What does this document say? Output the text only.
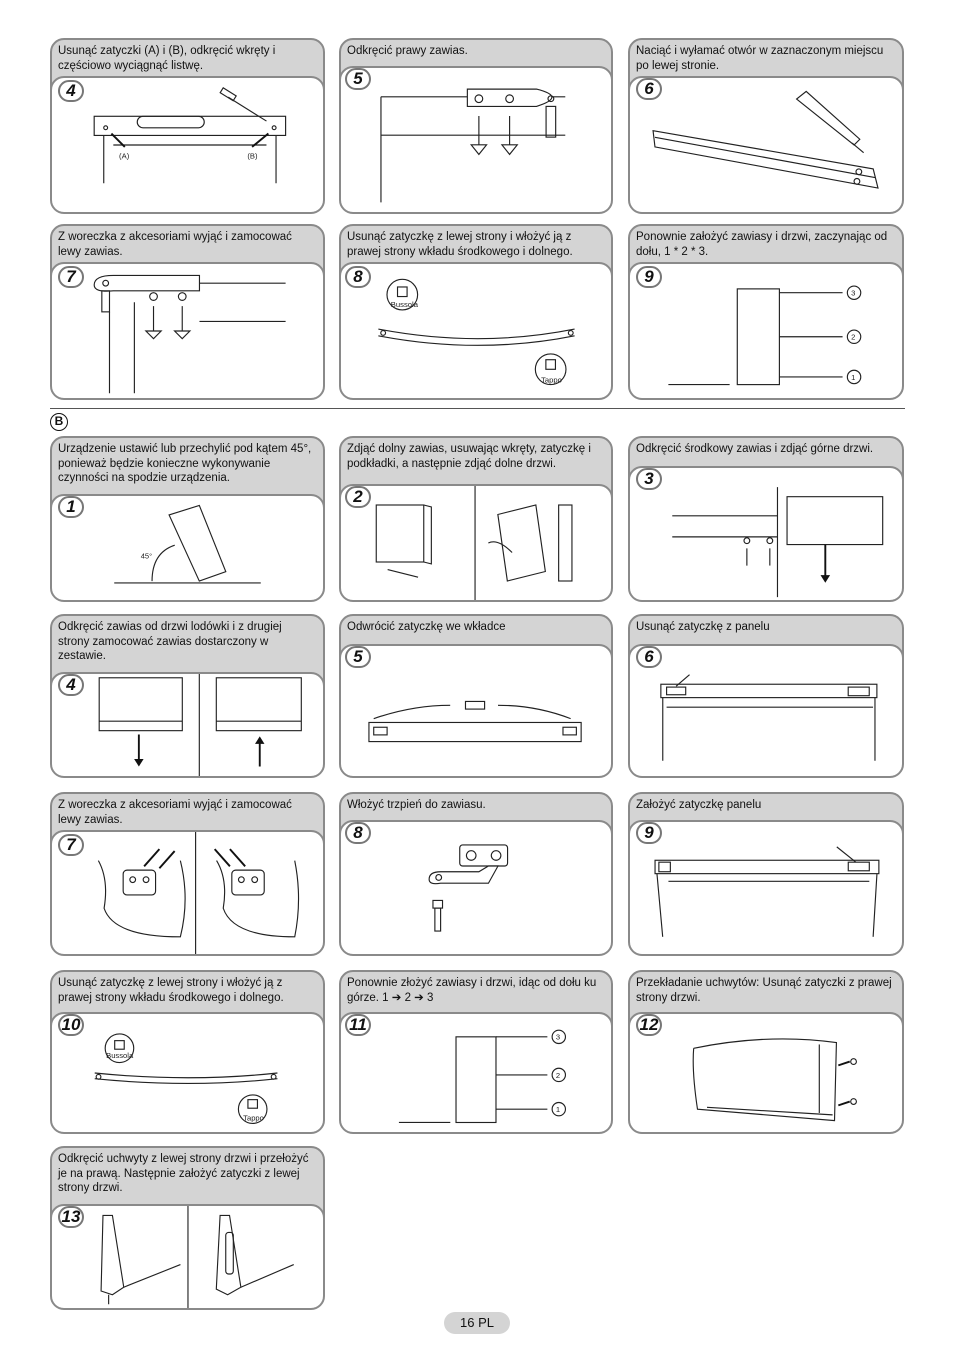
Usunąć zatyczki (A) i (B), odkręcić wkręty i częściowo wyciągnąć listwę.
(A)	(B)
4
Odkręcić prawy zawias.
5
Naciąć i wyłamać otwór w zaznaczonym miejscu po lewej stronie.
6
Z woreczka z akcesoriami wyjąć i zamocować lewy zawias.
7
Usunąć zatyczkę z lewej strony i włożyć ją z prawej strony wkładu środkowego i dolnego.
Bussola
Tappo
8
Ponownie założyć zawiasy i drzwi, zaczynając od dołu, 1 * 2 * 3.
3
2
1
9
B
Urządzenie ustawić lub przechylić pod kątem 45°, ponieważ będzie konieczne wykonywanie czynności na spodzie urządzenia.
45°
1
Zdjąć dolny zawias, usuwając wkręty, zatyczkę i podkładki, a następnie zdjąć dolne drzwi.
2
Odkręcić środkowy zawias i zdjąć górne drzwi.
3
Odkręcić zawias od drzwi lodówki i z drugiej strony zamocować zawias dostarczony w zestawie.
4
Odwrócić zatyczkę we wkładce
5
Usunąć zatyczkę z panelu
6
Z woreczka z akcesoriami wyjąć i zamocować lewy zawias.
7
Włożyć trzpień do zawiasu.
8
Założyć zatyczkę panelu
9
Usunąć zatyczkę z lewej strony i włożyć ją z prawej strony wkładu środkowego i dolnego.
Bussola
Tappo
10
Ponownie złożyć zawiasy i drzwi, idąc od dołu ku górze. 1 ➔ 2 ➔ 3
3
2
1
11
Przekładanie uchwytów: Usunąć zatyczki z prawej strony drzwi.
12
Odkręcić uchwyty z lewej strony drzwi i przełożyć je na prawą. Następnie założyć zatyczki z lewej strony drzwi.
13
16 PL
